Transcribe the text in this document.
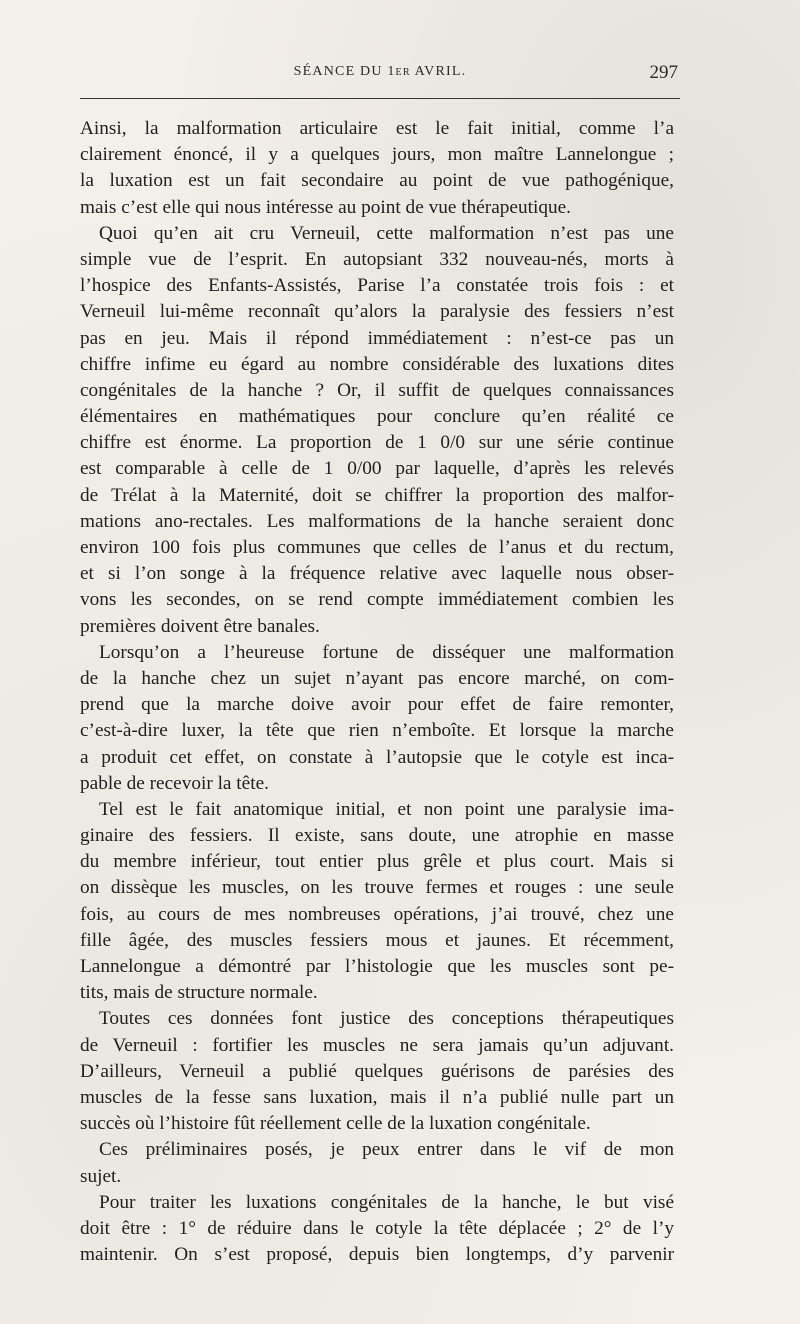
SÉANCE DU 1er AVRIL.	297
Ainsi, la malformation articulaire est le fait initial, comme l’a
clairement énoncé, il y a quelques jours, mon maître Lannelongue ;
la luxation est un fait secondaire au point de vue pathogénique,
mais c’est elle qui nous intéresse au point de vue thérapeutique.
Quoi qu’en ait cru Verneuil, cette malformation n’est pas une
simple vue de l’esprit. En autopsiant 332 nouveau-nés, morts à
l’hospice des Enfants-Assistés, Parise l’a constatée trois fois : et
Verneuil lui-même reconnaît qu’alors la paralysie des fessiers n’est
pas en jeu. Mais il répond immédiatement : n’est-ce pas un
chiffre infime eu égard au nombre considérable des luxations dites
congénitales de la hanche ? Or, il suffit de quelques connaissances
élémentaires en mathématiques pour conclure qu’en réalité ce
chiffre est énorme. La proportion de 1 0/0 sur une série continue
est comparable à celle de 1 0/00 par laquelle, d’après les relevés
de Trélat à la Maternité, doit se chiffrer la proportion des malfor-
mations ano-rectales. Les malformations de la hanche seraient donc
environ 100 fois plus communes que celles de l’anus et du rectum,
et si l’on songe à la fréquence relative avec laquelle nous obser-
vons les secondes, on se rend compte immédiatement combien les
premières doivent être banales.
Lorsqu’on a l’heureuse fortune de disséquer une malformation
de la hanche chez un sujet n’ayant pas encore marché, on com-
prend que la marche doive avoir pour effet de faire remonter,
c’est-à-dire luxer, la tête que rien n’emboîte. Et lorsque la marche
a produit cet effet, on constate à l’autopsie que le cotyle est inca-
pable de recevoir la tête.
Tel est le fait anatomique initial, et non point une paralysie ima-
ginaire des fessiers. Il existe, sans doute, une atrophie en masse
du membre inférieur, tout entier plus grêle et plus court. Mais si
on dissèque les muscles, on les trouve fermes et rouges : une seule
fois, au cours de mes nombreuses opérations, j’ai trouvé, chez une
fille âgée, des muscles fessiers mous et jaunes. Et récemment,
Lannelongue a démontré par l’histologie que les muscles sont pe-
tits, mais de structure normale.
Toutes ces données font justice des conceptions thérapeutiques
de Verneuil : fortifier les muscles ne sera jamais qu’un adjuvant.
D’ailleurs, Verneuil a publié quelques guérisons de parésies des
muscles de la fesse sans luxation, mais il n’a publié nulle part un
succès où l’histoire fût réellement celle de la luxation congénitale.
Ces préliminaires posés, je peux entrer dans le vif de mon
sujet.
Pour traiter les luxations congénitales de la hanche, le but visé
doit être : 1° de réduire dans le cotyle la tête déplacée ; 2° de l’y
maintenir. On s’est proposé, depuis bien longtemps, d’y parvenir
